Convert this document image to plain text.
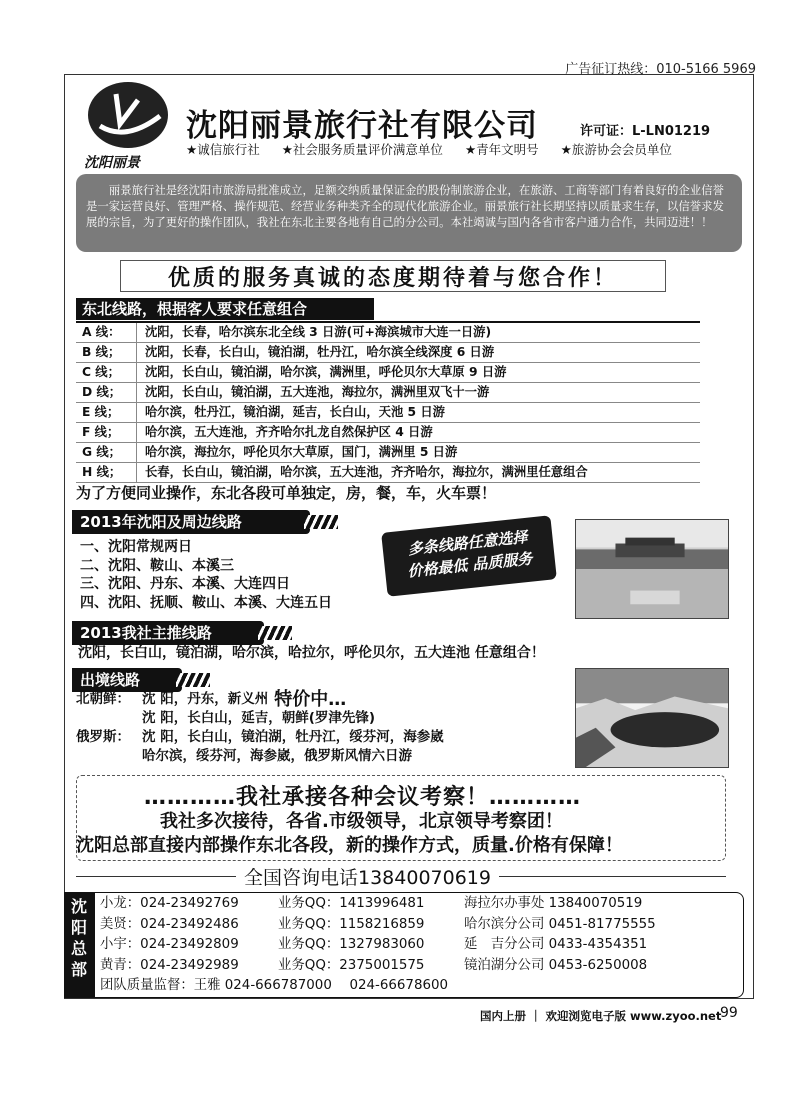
广告征订热线：010-5166 5969
沈阳丽景
沈阳丽景旅行社有限公司	许可证：L-LN01219
★诚信旅行社 ★社会服务质量评价满意单位 ★青年文明号 ★旅游协会会员单位
丽景旅行社是经沈阳市旅游局批准成立，足额交纳质量保证金的股份制旅游企业，在旅游、工商等部门有着良好的企业信誉是一家运营良好、管理严格、操作规范、经营业务种类齐全的现代化旅游企业。丽景旅行社长期坚持以质量求生存，以信誉求发展的宗旨，为了更好的操作团队，我社在东北主要各地有自己的分公司。本社竭诚与国内各省市客户通力合作，共同迈进！！
优质的服务真诚的态度期待着与您合作！
东北线路，根据客人要求任意组合
A 线：	沈阳，长春，哈尔滨东北全线 3 日游(可+海滨城市大连一日游)
B 线；	沈阳，长春，长白山，镜泊湖，牡丹江，哈尔滨全线深度 6 日游
C 线；	沈阳，长白山，镜泊湖，哈尔滨，满洲里，呼伦贝尔大草原 9 日游
D 线；	沈阳，长白山，镜泊湖，五大连池，海拉尔，满洲里双飞十一游
E 线；	哈尔滨，牡丹江，镜泊湖，延吉，长白山，天池 5 日游
F 线；	哈尔滨，五大连池，齐齐哈尔扎龙自然保护区 4 日游
G 线；	哈尔滨，海拉尔，呼伦贝尔大草原，国门，满洲里 5 日游
H 线；	长春，长白山，镜泊湖，哈尔滨，五大连池，齐齐哈尔，海拉尔，满洲里任意组合
为了方便同业操作，东北各段可单独定，房，餐，车，火车票！
2013年沈阳及周边线路
一、沈阳常规两日
二、沈阳、鞍山、本溪三
三、沈阳、丹东、本溪、大连四日
四、沈阳、抚顺、鞍山、本溪、大连五日
多条线路任意选择
价格最低 品质服务
2013我社主推线路
沈阳，长白山，镜泊湖，哈尔滨，哈拉尔，呼伦贝尔，五大连池 任意组合！
出境线路
北朝鲜： 沈 阳，丹东，新义州 特价中…
沈 阳，长白山，延吉，朝鲜(罗津先锋)
俄罗斯： 沈 阳，长白山，镜泊湖，牡丹江，绥芬河，海参崴
哈尔滨，绥芬河，海参崴，俄罗斯风情六日游
…………我社承接各种会议考察！…………
我社多次接待，各省.市级领导，北京领导考察团！
沈阳总部直接内部操作东北各段，新的操作方式，质量.价格有保障！
全国咨询电话13840070619
沈
阳
总
部
小龙：024-23492769	业务QQ：1413996481	海拉尔办事处 13840070519
美贤：024-23492486	业务QQ：1158216859	哈尔滨分公司 0451-81775555
小宇：024-23492809	业务QQ：1327983060	延　吉分公司 0433-4354351
黄青：024-23492989	业务QQ：2375001575	镜泊湖分公司 0453-6250008
团队质量监督：王雅 024-666787000　 024-66678600
国内上册 ｜ 欢迎浏览电子版 www.zyoo.net
99
